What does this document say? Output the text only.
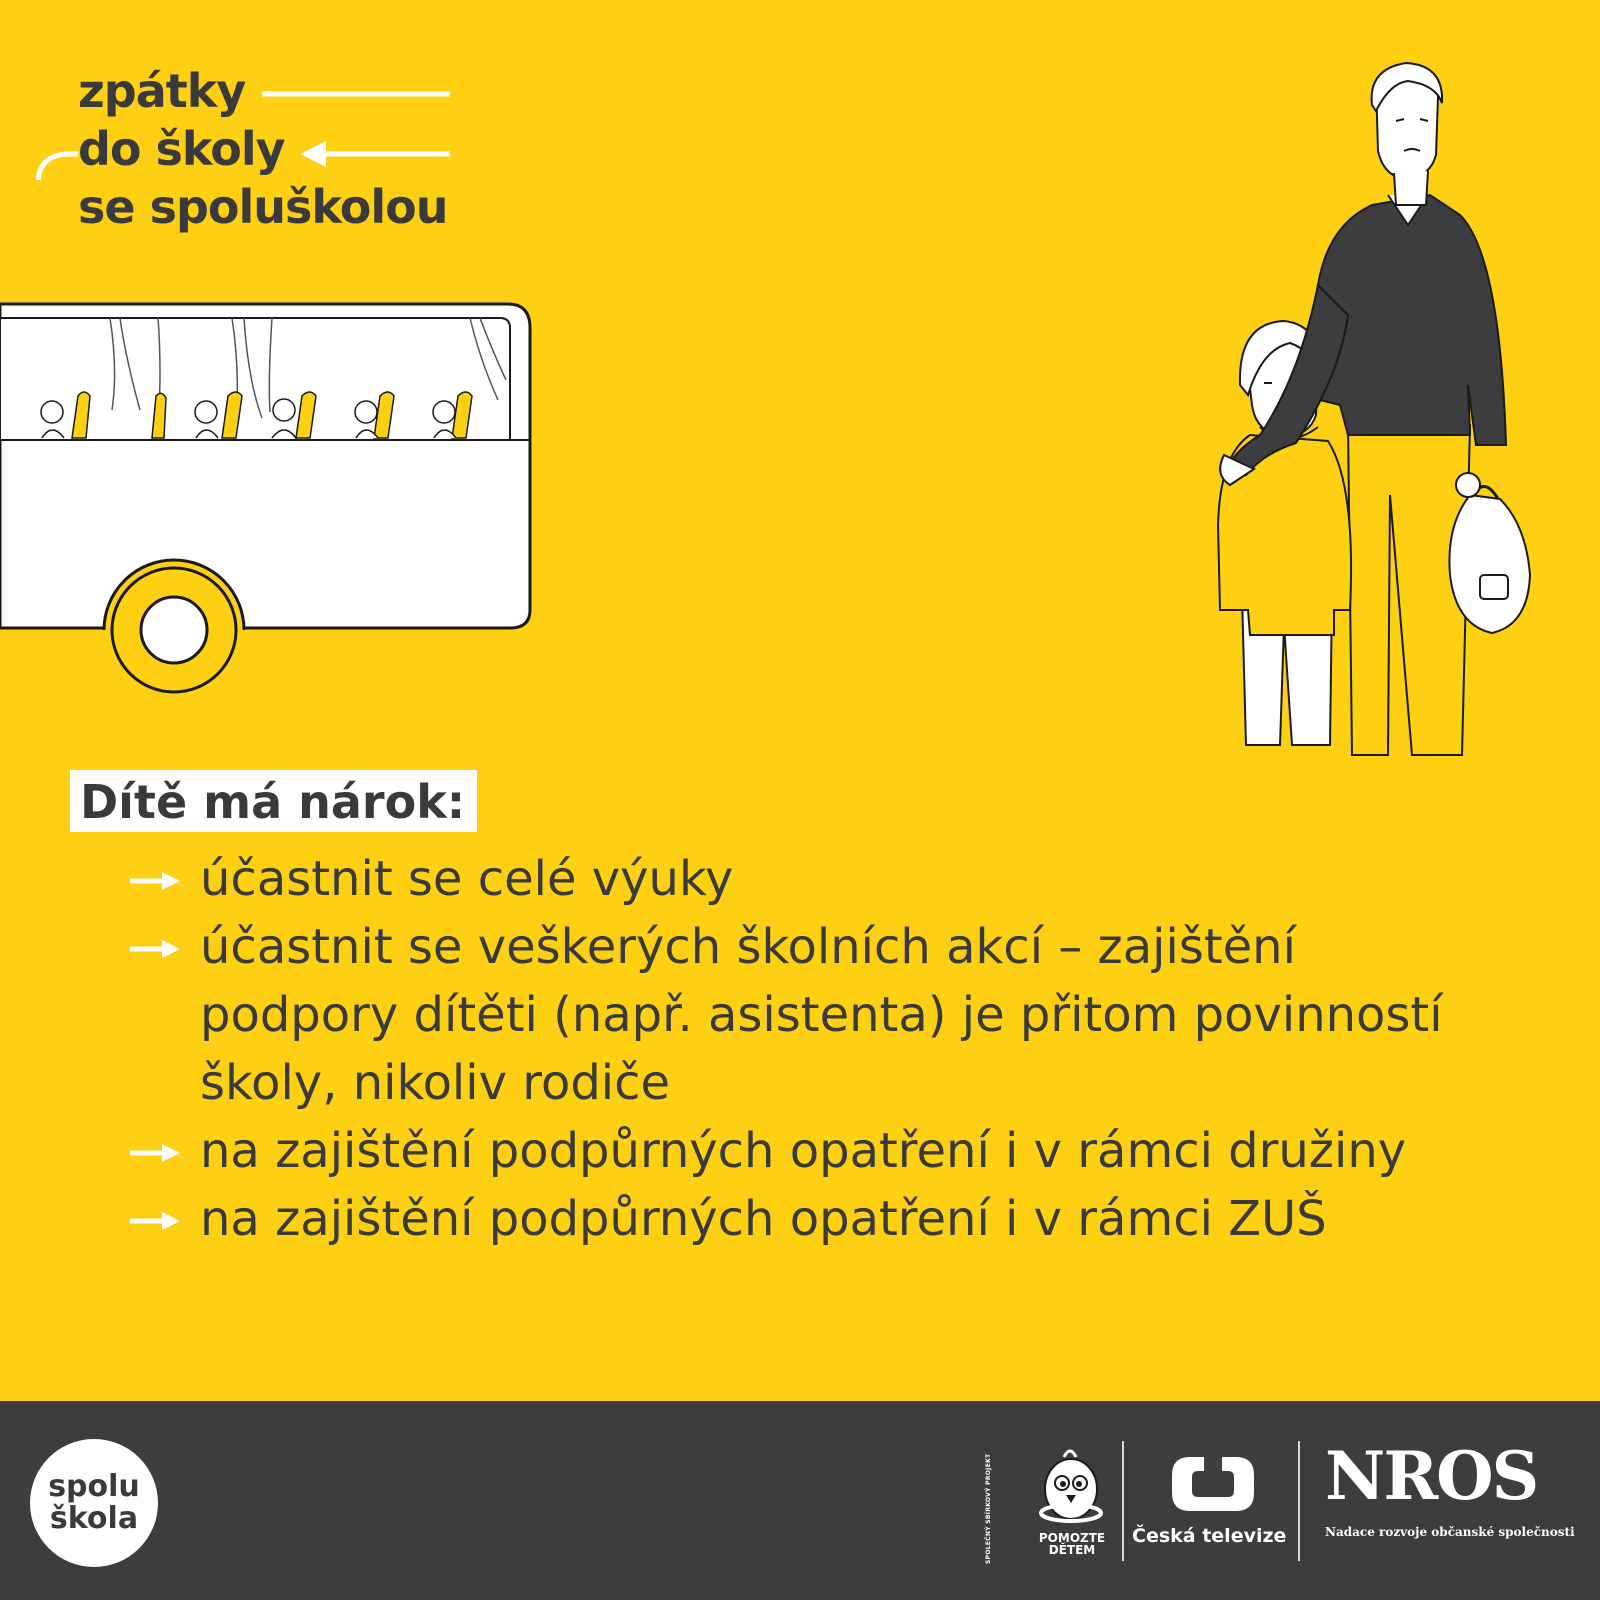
zpátky
do školy
se spoluškolou
Dítě má nárok:
účastnit se celé výuky
účastnit se veškerých školních akcí – zajištění
podpory dítěti (např. asistenta) je přitom povinností
školy, nikoliv rodiče
na zajištění podpůrných opatření i v rámci družiny
na zajištění podpůrných opatření i v rámci ZUŠ
spolu
škola	SPOLEČNÝ SBÍRKOVÝ PROJEKT	POMOZTE
DĚTEM
Česká televize
NROS
Nadace rozvoje občanské společnosti
